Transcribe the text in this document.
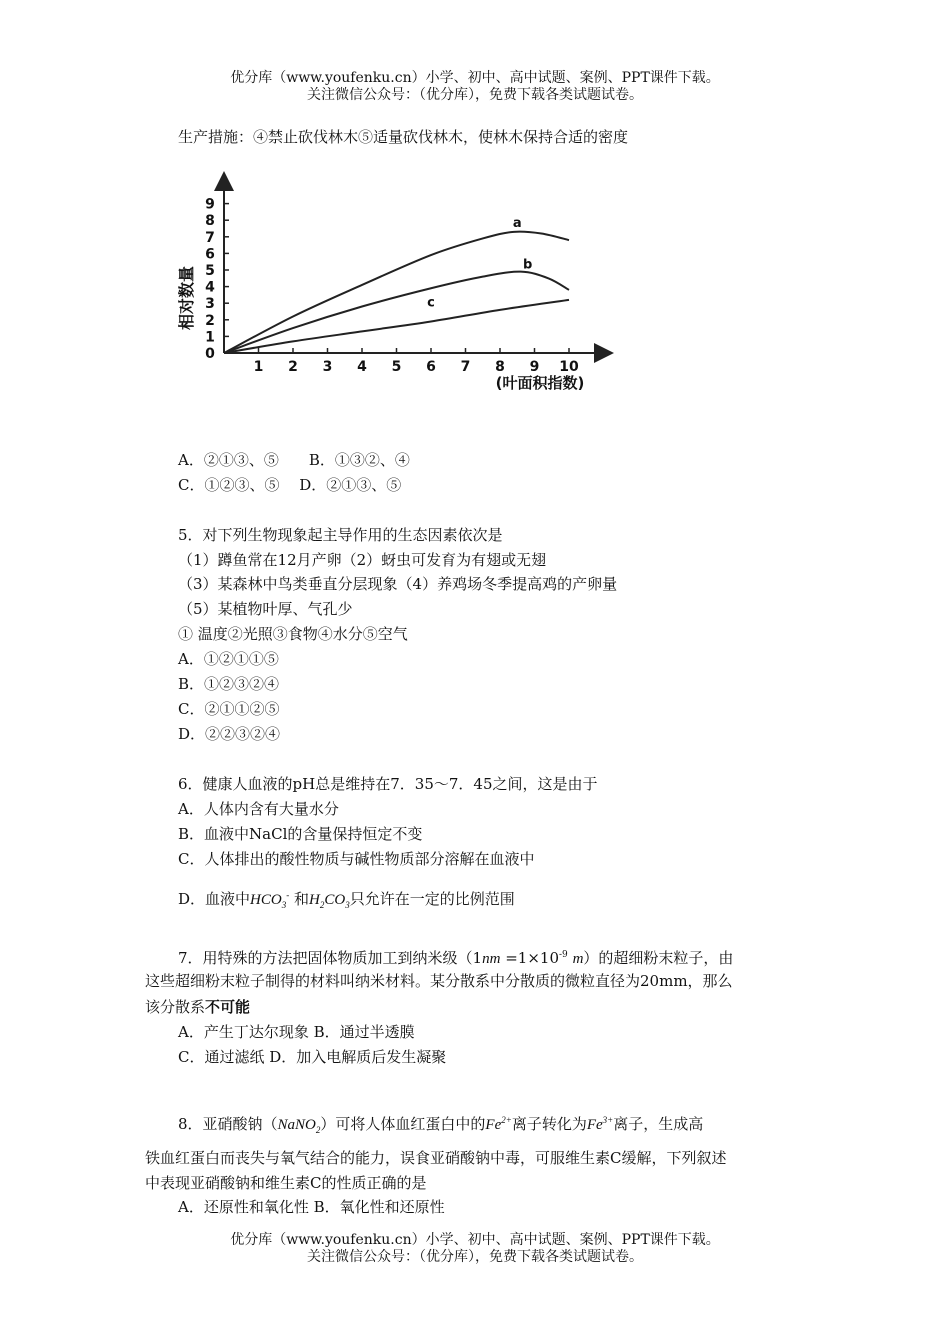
优分库（www.youfenku.cn）小学、初中、高中试题、案例、PPT课件下载。
关注微信公众号：（优分库），免费下载各类试题试卷。
生产措施：④禁止砍伐林木⑤适量砍伐林木，使林木保持合适的密度
1 2 3 4 5 6 7 8 9 10
0
1
2
3
4
5
6
7
8
9
a
b
c
相对数量
(叶面积指数)
A．②①③、⑤　　B．①③②、④
C．①②③、⑤　 D．②①③、⑤
5．对下列生物现象起主导作用的生态因素依次是
（1）蹲鱼常在12月产卵（2）蚜虫可发育为有翅或无翅
（3）某森林中鸟类垂直分层现象（4）养鸡场冬季提高鸡的产卵量
（5）某植物叶厚、气孔少
① 温度②光照③食物④水分⑤空气
A．①②①①⑤
B．①②③②④
C．②①①②⑤
D．②②③②④
6．健康人血液的pH总是维持在7．35～7．45之间，这是由于
A．人体内含有大量水分
B．血液中NaCl的含量保持恒定不变
C．人体排出的酸性物质与碱性物质部分溶解在血液中
D．血液中$HCO_3^-$ 和$H_2CO_3$只允许在一定的比例范围
7．用特殊的方法把固体物质加工到纳米级（$1nm =1\times 10^{-9}$ m）的超细粉末粒子，由
这些超细粉末粒子制得的材料叫纳米材料。某分散系中分散质的微粒直径为20mm，那么
该分散系不可能
A．产生丁达尔现象 B．通过半透膜
C．通过滤纸 D．加入电解质后发生凝聚
8．亚硝酸钠（NaNO$_2$）可将人体血红蛋白中的$Fe^{2+}$离子转化为$Fe^{3+}$离子，生成高
铁血红蛋白而丧失与氧气结合的能力，误食亚硝酸钠中毒，可服维生素C缓解，下列叙述
中表现亚硝酸钠和维生素C的性质正确的是
A．还原性和氧化性 B．氧化性和还原性
优分库（www.youfenku.cn）小学、初中、高中试题、案例、PPT课件下载。
关注微信公众号：（优分库），免费下载各类试题试卷。
